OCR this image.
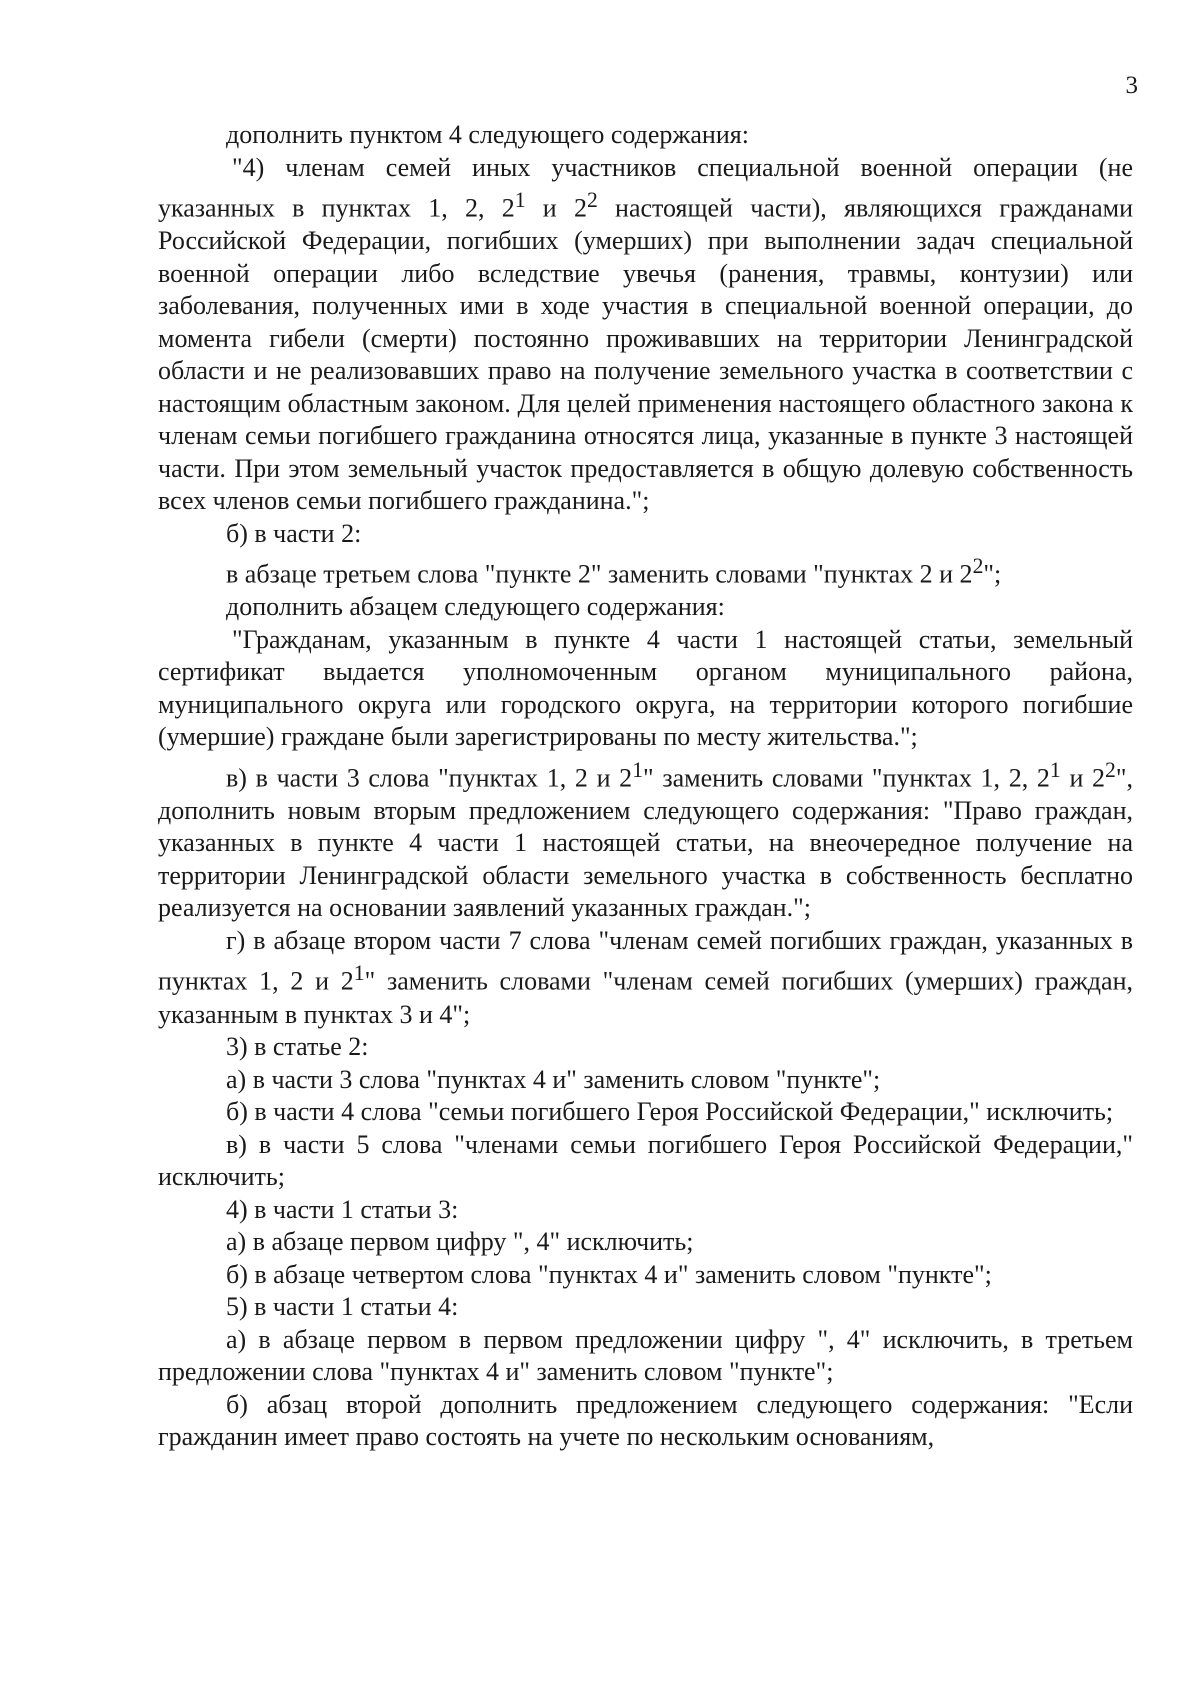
3

дополнить пунктом 4 следующего содержания:

"4) членам семей иных участников специальной военной операции (не указанных в пунктах 1, 2, $2^1$ и $2^2$ настоящей части), являющихся гражданами Российской Федерации, погибших (умерших) при выполнении задач специальной военной операции либо вследствие увечья (ранения, травмы, контузии) или заболевания, полученных ими в ходе участия в специальной военной операции, до момента гибели (смерти) постоянно проживавших на территории Ленинградской области и не реализовавших право на получение земельного участка в соответствии с настоящим областным законом. Для целей применения настоящего областного закона к членам семьи погибшего гражданина относятся лица, указанные в пункте 3 настоящей части. При этом земельный участок предоставляется в общую долевую собственность всех членов семьи погибшего гражданина.";

б) в части 2:

в абзаце третьем слова "пункте 2" заменить словами "пунктах 2 и $2^2$";

дополнить абзацем следующего содержания:

"Гражданам, указанным в пункте 4 части 1 настоящей статьи, земельный сертификат выдается уполномоченным органом муниципального района, муниципального округа или городского округа, на территории которого погибшие (умершие) граждане были зарегистрированы по месту жительства.";

в) в части 3 слова "пунктах 1, 2 и $2^1$" заменить словами "пунктах 1, 2, $2^1$ и $2^2$", дополнить новым вторым предложением следующего содержания: "Право граждан, указанных в пункте 4 части 1 настоящей статьи, на внеочередное получение на территории Ленинградской области земельного участка в собственность бесплатно реализуется на основании заявлений указанных граждан.";

г) в абзаце втором части 7 слова "членам семей погибших граждан, указанных в пунктах 1, 2 и $2^1$" заменить словами "членам семей погибших (умерших) граждан, указанным в пунктах 3 и 4";

3) в статье 2:

а) в части 3 слова "пунктах 4 и" заменить словом "пункте";

б) в части 4 слова "семьи погибшего Героя Российской Федерации," исключить;

в) в части 5 слова "членами семьи погибшего Героя Российской Федерации," исключить;

4) в части 1 статьи 3:

а) в абзаце первом цифру ", 4" исключить;

б) в абзаце четвертом слова "пунктах 4 и" заменить словом "пункте";

5) в части 1 статьи 4:

а) в абзаце первом в первом предложении цифру ", 4" исключить, в третьем предложении слова "пунктах 4 и" заменить словом "пункте";

б) абзац второй дополнить предложением следующего содержания: "Если гражданин имеет право состоять на учете по нескольким основаниям,
